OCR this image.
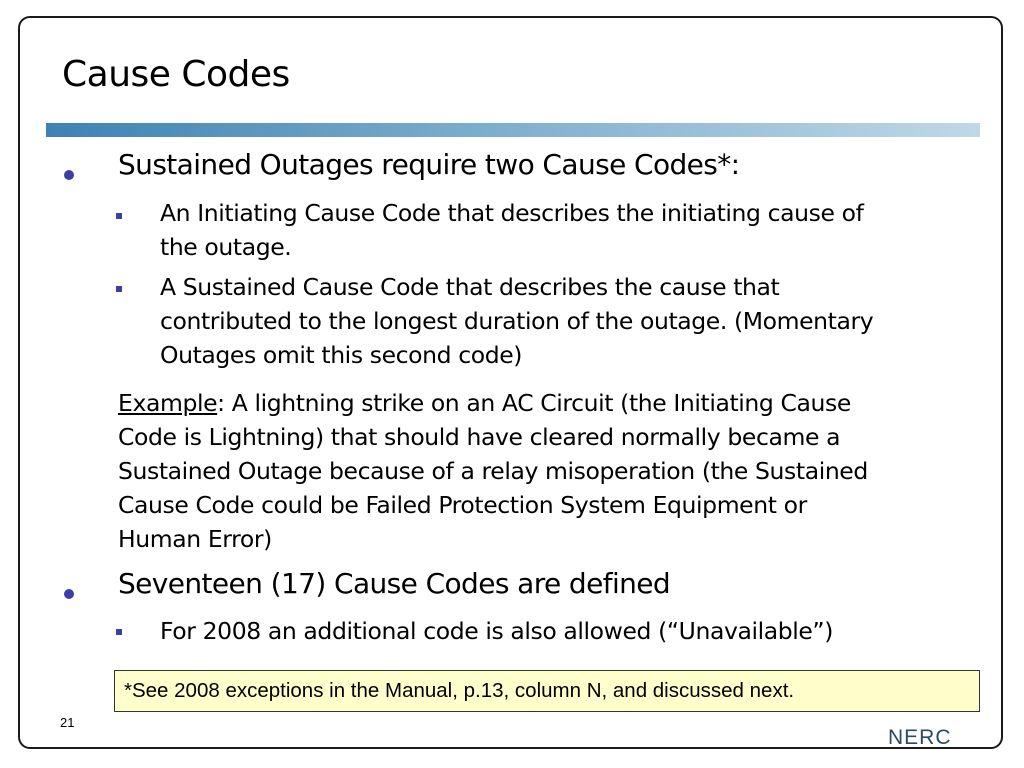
Cause Codes
Sustained Outages require two Cause Codes*:
An Initiating Cause Code that describes the initiating cause of
the outage.
A Sustained Cause Code that describes the cause that
contributed to the longest duration of the outage. (Momentary
Outages omit this second code)
Example: A lightning strike on an AC Circuit (the Initiating Cause
Code is Lightning) that should have cleared normally became a
Sustained Outage because of a relay misoperation (the Sustained
Cause Code could be Failed Protection System Equipment or
Human Error)
Seventeen (17) Cause Codes are defined
For 2008 an additional code is also allowed (“Unavailable”)
*See 2008 exceptions in the Manual, p.13, column N, and discussed next.
21
NERC
